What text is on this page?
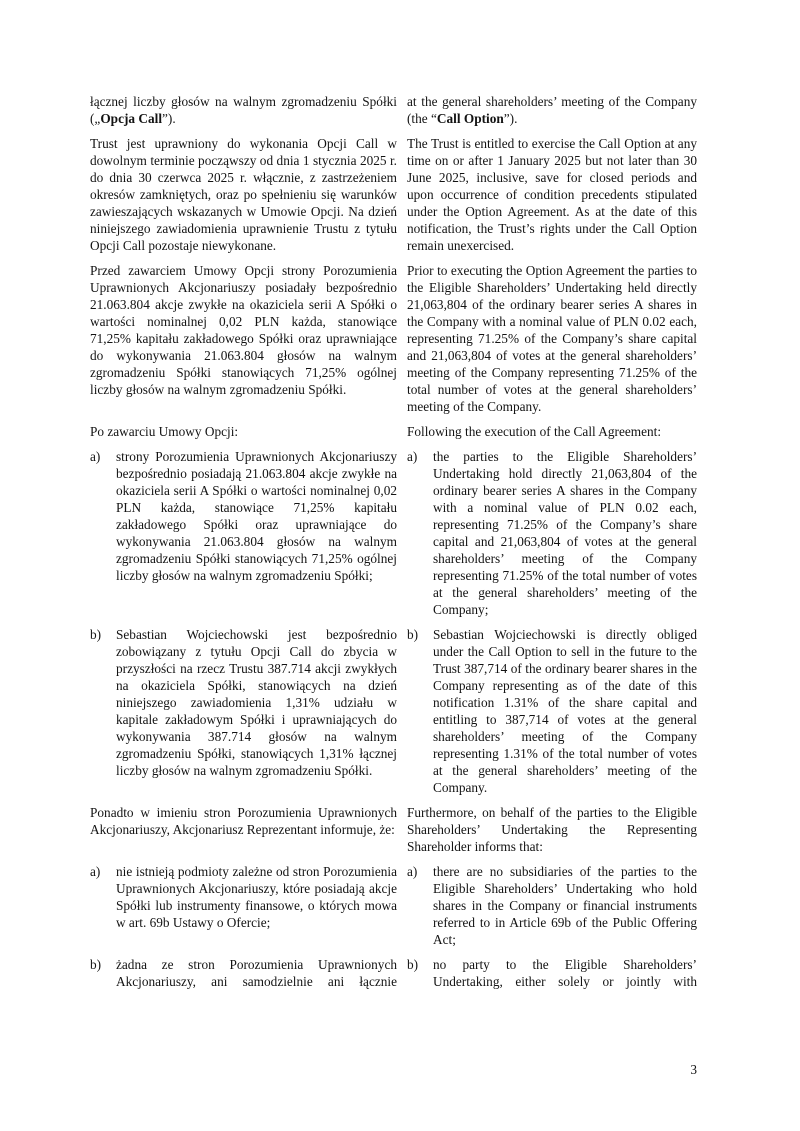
łącznej liczby głosów na walnym zgromadzeniu Spółki („Opcja Call”).

at the general shareholders’ meeting of the Company (the “Call Option”).

Trust jest uprawniony do wykonania Opcji Call w dowolnym terminie począwszy od dnia 1 stycznia 2025 r. do dnia 30 czerwca 2025 r. włącznie, z zastrzeżeniem okresów zamkniętych, oraz po spełnieniu się warunków zawieszających wskazanych w Umowie Opcji. Na dzień niniejszego zawiadomienia uprawnienie Trustu z tytułu Opcji Call pozostaje niewykonane.

The Trust is entitled to exercise the Call Option at any time on or after 1 January 2025 but not later than 30 June 2025, inclusive, save for closed periods and upon occurrence of condition precedents stipulated under the Option Agreement. As at the date of this notification, the Trust’s rights under the Call Option remain unexercised.

Przed zawarciem Umowy Opcji strony Porozumienia Uprawnionych Akcjonariuszy posiadały bezpośrednio 21.063.804 akcje zwykłe na okaziciela serii A Spółki o wartości nominalnej 0,02 PLN każda, stanowiące 71,25% kapitału zakładowego Spółki oraz uprawniające do wykonywania 21.063.804 głosów na walnym zgromadzeniu Spółki stanowiących 71,25% ogólnej liczby głosów na walnym zgromadzeniu Spółki.

Prior to executing the Option Agreement the parties to the Eligible Shareholders’ Undertaking held directly 21,063,804 of the ordinary bearer series A shares in the Company with a nominal value of PLN 0.02 each, representing 71.25% of the Company’s share capital and 21,063,804 of votes at the general shareholders’ meeting of the Company representing 71.25% of the total number of votes at the general shareholders’ meeting of the Company.

Po zawarciu Umowy Opcji:	Following the execution of the Call Agreement:

a)	strony Porozumienia Uprawnionych Akcjonariuszy bezpośrednio posiadają 21.063.804 akcje zwykłe na okaziciela serii A Spółki o wartości nominalnej 0,02 PLN każda, stanowiące 71,25% kapitału zakładowego Spółki oraz uprawniające do wykonywania 21.063.804 głosów na walnym zgromadzeniu Spółki stanowiących 71,25% ogólnej liczby głosów na walnym zgromadzeniu Spółki;

a)	the parties to the Eligible Shareholders’ Undertaking hold directly 21,063,804 of the ordinary bearer series A shares in the Company with a nominal value of PLN 0.02 each, representing 71.25% of the Company’s share capital and 21,063,804 of votes at the general shareholders’ meeting of the Company representing 71.25% of the total number of votes at the general shareholders’ meeting of the Company;

b)	Sebastian Wojciechowski jest bezpośrednio zobowiązany z tytułu Opcji Call do zbycia w przyszłości na rzecz Trustu 387.714 akcji zwykłych na okaziciela Spółki, stanowiących na dzień niniejszego zawiadomienia 1,31% udziału w kapitale zakładowym Spółki i uprawniających do wykonywania 387.714 głosów na walnym zgromadzeniu Spółki, stanowiących 1,31% łącznej liczby głosów na walnym zgromadzeniu Spółki.

b)	Sebastian Wojciechowski is directly obliged under the Call Option to sell in the future to the Trust 387,714 of the ordinary bearer shares in the Company representing as of the date of this notification 1.31% of the share capital and entitling to 387,714 of votes at the general shareholders’ meeting of the Company representing 1.31% of the total number of votes at the general shareholders’ meeting of the Company.

Ponadto w imieniu stron Porozumienia Uprawnionych Akcjonariuszy, Akcjonariusz Reprezentant informuje, że:

Furthermore, on behalf of the parties to the Eligible Shareholders’ Undertaking the Representing Shareholder informs that:

a)	nie istnieją podmioty zależne od stron Porozumienia Uprawnionych Akcjonariuszy, które posiadają akcje Spółki lub instrumenty finansowe, o których mowa w art. 69b Ustawy o Ofercie;

a)	there are no subsidiaries of the parties to the Eligible Shareholders’ Undertaking who hold shares in the Company or financial instruments referred to in Article 69b of the Public Offering Act;

b)	żadna ze stron Porozumienia Uprawnionych Akcjonariuszy, ani samodzielnie ani łącznie

b)	no party to the Eligible Shareholders’ Undertaking, either solely or jointly with

3
